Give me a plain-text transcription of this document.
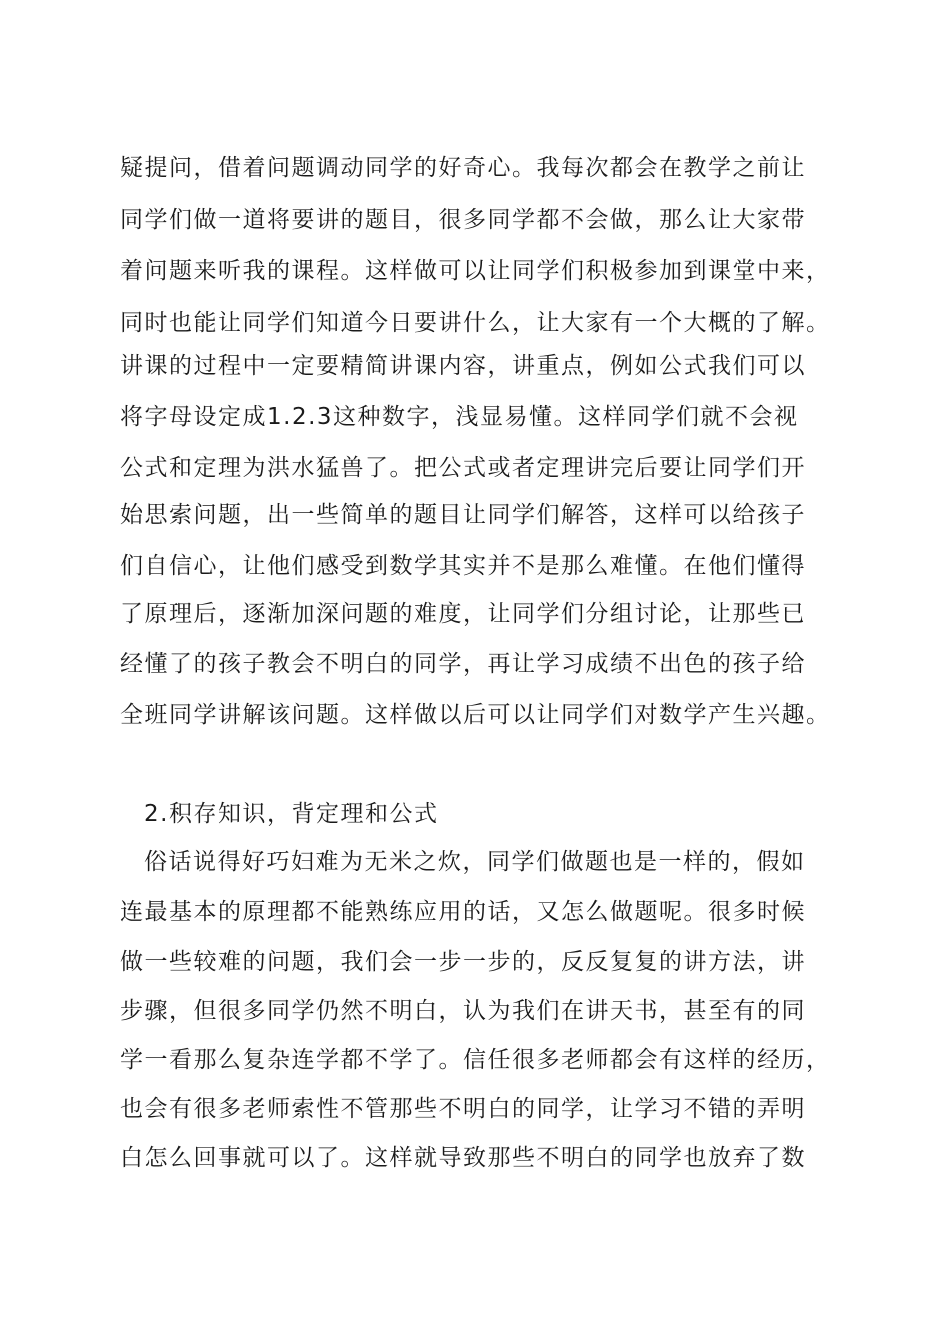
疑提问，借着问题调动同学的好奇心。我每次都会在教学之前让
同学们做一道将要讲的题目，很多同学都不会做，那么让大家带
着问题来听我的课程。这样做可以让同学们积极参加到课堂中来，
同时也能让同学们知道今日要讲什么，让大家有一个大概的了解。
讲课的过程中一定要精简讲课内容，讲重点，例如公式我们可以
将字母设定成1.2.3这种数字，浅显易懂。这样同学们就不会视
公式和定理为洪水猛兽了。把公式或者定理讲完后要让同学们开
始思索问题，出一些简单的题目让同学们解答，这样可以给孩子
们自信心，让他们感受到数学其实并不是那么难懂。在他们懂得
了原理后，逐渐加深问题的难度，让同学们分组讨论，让那些已
经懂了的孩子教会不明白的同学，再让学习成绩不出色的孩子给
全班同学讲解该问题。这样做以后可以让同学们对数学产生兴趣。
2.积存知识，背定理和公式
俗话说得好巧妇难为无米之炊，同学们做题也是一样的，假如
连最基本的原理都不能熟练应用的话，又怎么做题呢。很多时候
做一些较难的问题，我们会一步一步的，反反复复的讲方法，讲
步骤，但很多同学仍然不明白，认为我们在讲天书，甚至有的同
学一看那么复杂连学都不学了。信任很多老师都会有这样的经历，
也会有很多老师索性不管那些不明白的同学，让学习不错的弄明
白怎么回事就可以了。这样就导致那些不明白的同学也放弃了数
